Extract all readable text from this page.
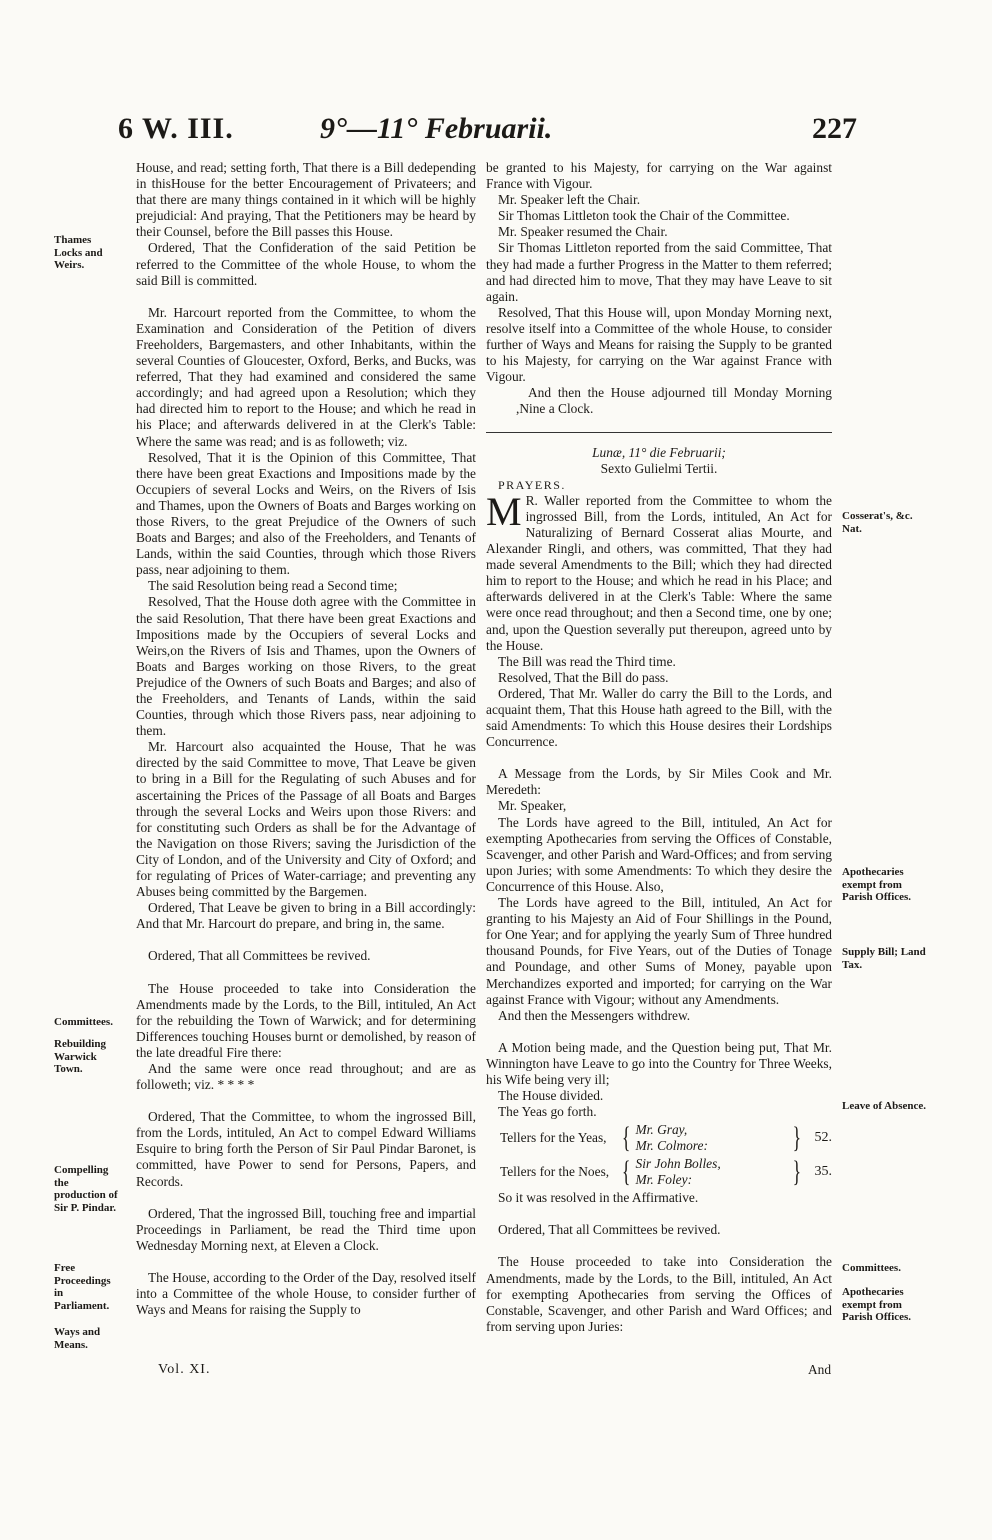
6 W. III.	9°—11° Februarii.	227
Thames Locks and Weirs.
Committees.
Rebuilding Warwick Town.
Compelling the production of Sir P. Pindar.
Free Proceedings in Parliament.
Ways and Means.
Cosserat's, &c. Nat.
Apothecaries exempt from Parish Offices.
Supply Bill; Land Tax.
Leave of Absence.
Committees.
Apothecaries exempt from Parish Offices.

House, and read; setting forth, That there is a Bill dedepending in thisHouse for the better Encouragement of Privateers; and that there are many things contained in it which will be highly prejudicial: And praying, That the Petitioners may be heard by their Counsel, before the Bill passes this House.

Ordered, That the Confideration of the said Petition be referred to the Committee of the whole House, to whom the said Bill is committed.

Mr. Harcourt reported from the Committee, to whom the Examination and Consideration of the Petition of divers Freeholders, Bargemasters, and other Inhabitants, within the several Counties of Gloucester, Oxford, Berks, and Bucks, was referred, That they had examined and considered the same accordingly; and had agreed upon a Resolution; which they had directed him to report to the House; and which he read in his Place; and afterwards delivered in at the Clerk's Table: Where the same was read; and is as followeth; viz.

Resolved, That it is the Opinion of this Committee, That there have been great Exactions and Impositions made by the Occupiers of several Locks and Weirs, on the Rivers of Isis and Thames, upon the Owners of Boats and Barges working on those Rivers, to the great Prejudice of the Owners of such Boats and Barges; and also of the Freeholders, and Tenants of Lands, within the said Counties, through which those Rivers pass, near adjoining to them.

The said Resolution being read a Second time;

Resolved, That the House doth agree with the Committee in the said Resolution, That there have been great Exactions and Impositions made by the Occupiers of several Locks and Weirs,on the Rivers of Isis and Thames, upon the Owners of Boats and Barges working on those Rivers, to the great Prejudice of the Owners of such Boats and Barges; and also of the Freeholders, and Tenants of Lands, within the said Counties, through which those Rivers pass, near adjoining to them.

Mr. Harcourt also acquainted the House, That he was directed by the said Committee to move, That Leave be given to bring in a Bill for the Regulating of such Abuses and for ascertaining the Prices of the Passage of all Boats and Barges through the several Locks and Weirs upon those Rivers: and for constituting such Orders as shall be for the Advantage of the Navigation on those Rivers; saving the Jurisdiction of the City of London, and of the University and City of Oxford; and for regulating of Prices of Water-carriage; and preventing any Abuses being committed by the Bargemen.

Ordered, That Leave be given to bring in a Bill accordingly: And that Mr. Harcourt do prepare, and bring in, the same.

Ordered, That all Committees be revived.

The House proceeded to take into Consideration the Amendments made by the Lords, to the Bill, intituled, An Act for the rebuilding the Town of Warwick; and for determining Differences touching Houses burnt or demolished, by reason of the late dreadful Fire there:

And the same were once read throughout; and are as followeth; viz. * * * *

Ordered, That the Committee, to whom the ingrossed Bill, from the Lords, intituled, An Act to compel Edward Williams Esquire to bring forth the Person of Sir Paul Pindar Baronet, is committed, have Power to send for Persons, Papers, and Records.

Ordered, That the ingrossed Bill, touching free and impartial Proceedings in Parliament, be read the Third time upon Wednesday Morning next, at Eleven a Clock.

The House, according to the Order of the Day, resolved itself into a Committee of the whole House, to consider further of Ways and Means for raising the Supply to

be granted to his Majesty, for carrying on the War against France with Vigour.

Mr. Speaker left the Chair.

Sir Thomas Littleton took the Chair of the Committee.

Mr. Speaker resumed the Chair.

Sir Thomas Littleton reported from the said Committee, That they had made a further Progress in the Matter to them referred; and had directed him to move, That they may have Leave to sit again.

Resolved, That this House will, upon Monday Morning next, resolve itself into a Committee of the whole House, to consider further of Ways and Means for raising the Supply to be granted to his Majesty, for carrying on the War against France with Vigour.

And then the House adjourned till Monday Morning ,Nine a Clock.

Lunæ, 11° die Februarii;

Sexto Gulielmi Tertii.

PRAYERS.

M R. Waller reported from the Committee to whom the ingrossed Bill, from the Lords, intituled, An Act for Naturalizing of Bernard Cosserat alias Mourte, and Alexander Ringli, and others, was committed, That they had made several Amendments to the Bill; which they had directed him to report to the House; and which he read in his Place; and afterwards delivered in at the Clerk's Table: Where the same were once read throughout; and then a Second time, one by one; and, upon the Question severally put thereupon, agreed unto by the House.

The Bill was read the Third time.

Resolved, That the Bill do pass.

Ordered, That Mr. Waller do carry the Bill to the Lords, and acquaint them, That this House hath agreed to the Bill, with the said Amendments: To which this House desires their Lordships Concurrence.

A Message from the Lords, by Sir Miles Cook and Mr. Meredeth:

Mr. Speaker,

The Lords have agreed to the Bill, intituled, An Act for exempting Apothecaries from serving the Offices of Constable, Scavenger, and other Parish and Ward-Offices; and from serving upon Juries; with some Amendments: To which they desire the Concurrence of this House. Also,

The Lords have agreed to the Bill, intituled, An Act for granting to his Majesty an Aid of Four Shillings in the Pound, for One Year; and for applying the yearly Sum of Three hundred thousand Pounds, for Five Years, out of the Duties of Tonage and Poundage, and other Sums of Money, payable upon Merchandizes exported and imported; for carrying on the War against France with Vigour; without any Amendments.

And then the Messengers withdrew.

A Motion being made, and the Question being put, That Mr. Winnington have Leave to go into the Country for Three Weeks, his Wife being very ill;

The House divided.

The Yeas go forth.

Tellers for the Yeas, { Mr. Gray,
Mr. Colmore:	} 52.
Tellers for the Noes, { Sir John Bolles,
Mr. Foley:	} 35.

So it was resolved in the Affirmative.

Ordered, That all Committees be revived.

The House proceeded to take into Consideration the Amendments, made by the Lords, to the Bill, intituled, An Act for exempting Apothecaries from serving the Offices of Constable, Scavenger, and other Parish and Ward Offices; and from serving upon Juries:

Vol. XI.	And
